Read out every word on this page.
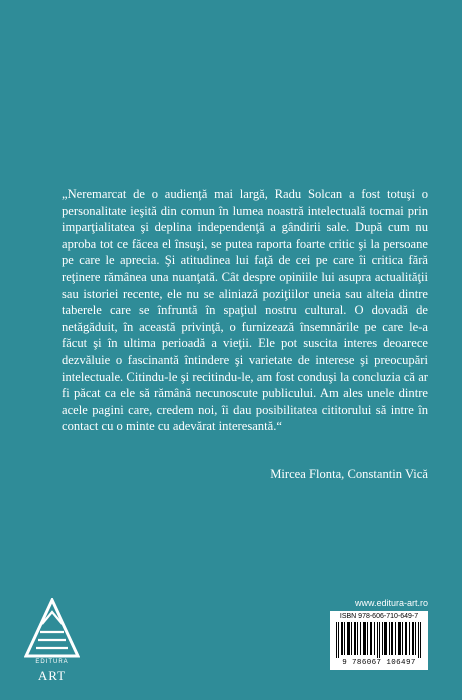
„Neremarcat de o audiență mai largă, Radu Solcan a fost totuşi o personalitate ieşită din comun în lumea noastră intelectuală tocmai prin imparţialitatea şi deplina independenţă a gândirii sale. După cum nu aproba tot ce făcea el însuşi, se putea raporta foarte critic şi la persoane pe care le aprecia. Şi atitudinea lui faţă de cei pe care îi critica fără reţinere rămânea una nuanţată. Cât despre opiniile lui asupra actualităţii sau istoriei recente, ele nu se aliniază poziţiilor uneia sau alteia dintre taberele care se înfruntă în spaţiul nostru cultural. O dovadă de netăgăduit, în această privinţă, o furnizează însemnările pe care le-a făcut şi în ultima perioadă a vieţii. Ele pot suscita interes deoarece dezvăluie o fascinantă întindere şi varietate de interese şi preocupări intelectuale. Citindu-le şi recitindu-le, am fost conduşi la concluzia că ar fi păcat ca ele să rămână necunoscute publicului. Am ales unele dintre acele pagini care, credem noi, îi dau posibilitatea cititorului să intre în contact cu o minte cu adevărat interesantă.“

Mircea Flonta, Constantin Vică
EDITURA
ART
www.editura-art.ro
ISBN 978-606-710-649-7
9 786067 106497
